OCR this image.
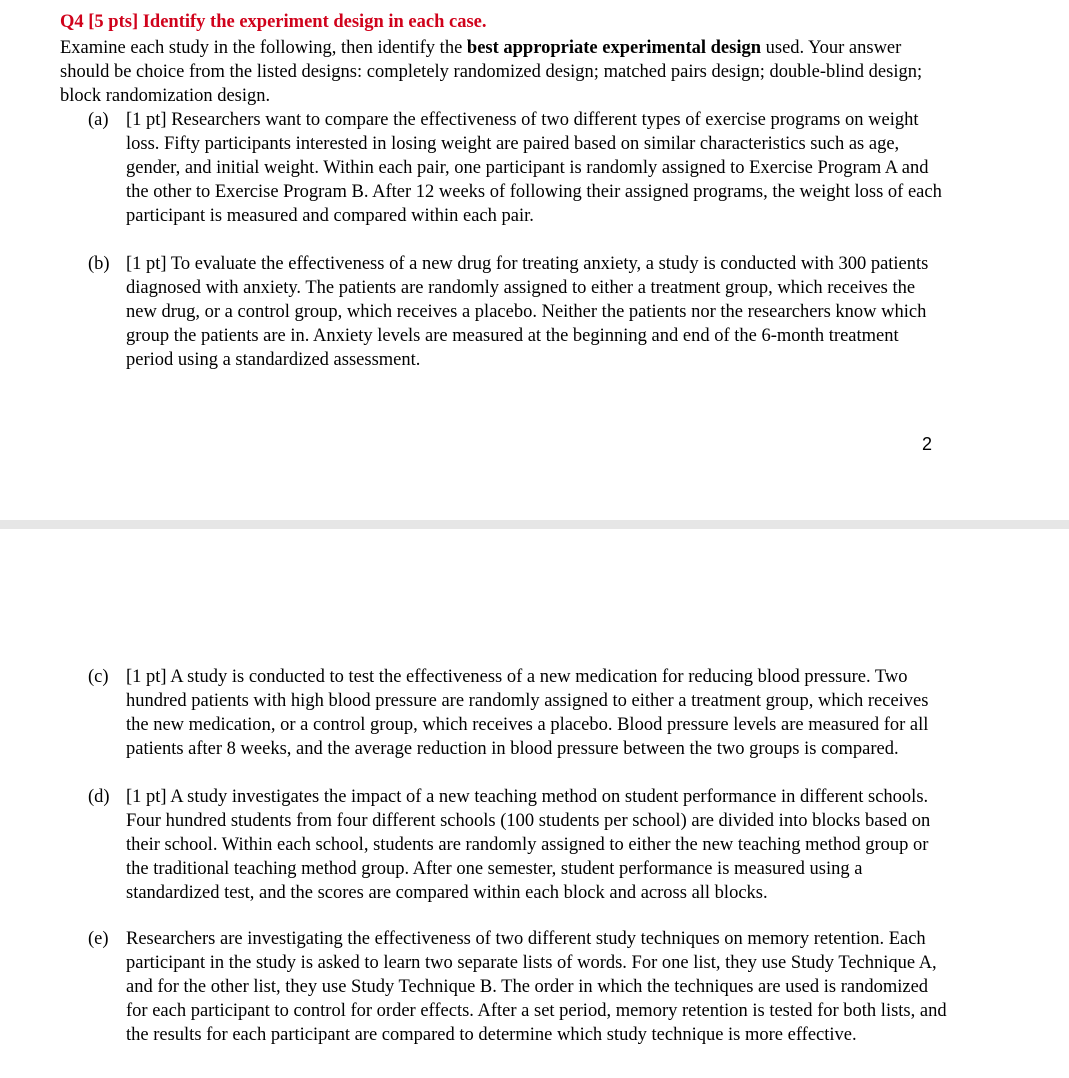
Q4 [5 pts] Identify the experiment design in each case.
Examine each study in the following, then identify the best appropriate experimental design used. Your answer should be choice from the listed designs: completely randomized design; matched pairs design; double-blind design; block randomization design.
(a) [1 pt] Researchers want to compare the effectiveness of two different types of exercise programs on weight loss. Fifty participants interested in losing weight are paired based on similar characteristics such as age, gender, and initial weight. Within each pair, one participant is randomly assigned to Exercise Program A and the other to Exercise Program B. After 12 weeks of following their assigned programs, the weight loss of each participant is measured and compared within each pair.
(b) [1 pt] To evaluate the effectiveness of a new drug for treating anxiety, a study is conducted with 300 patients diagnosed with anxiety. The patients are randomly assigned to either a treatment group, which receives the new drug, or a control group, which receives a placebo. Neither the patients nor the researchers know which group the patients are in. Anxiety levels are measured at the beginning and end of the 6-month treatment period using a standardized assessment.
2
(c) [1 pt] A study is conducted to test the effectiveness of a new medication for reducing blood pressure. Two hundred patients with high blood pressure are randomly assigned to either a treatment group, which receives the new medication, or a control group, which receives a placebo. Blood pressure levels are measured for all patients after 8 weeks, and the average reduction in blood pressure between the two groups is compared.
(d) [1 pt] A study investigates the impact of a new teaching method on student performance in different schools. Four hundred students from four different schools (100 students per school) are divided into blocks based on their school. Within each school, students are randomly assigned to either the new teaching method group or the traditional teaching method group. After one semester, student performance is measured using a standardized test, and the scores are compared within each block and across all blocks.
(e) Researchers are investigating the effectiveness of two different study techniques on memory retention. Each participant in the study is asked to learn two separate lists of words. For one list, they use Study Technique A, and for the other list, they use Study Technique B. The order in which the techniques are used is randomized for each participant to control for order effects. After a set period, memory retention is tested for both lists, and the results for each participant are compared to determine which study technique is more effective.
